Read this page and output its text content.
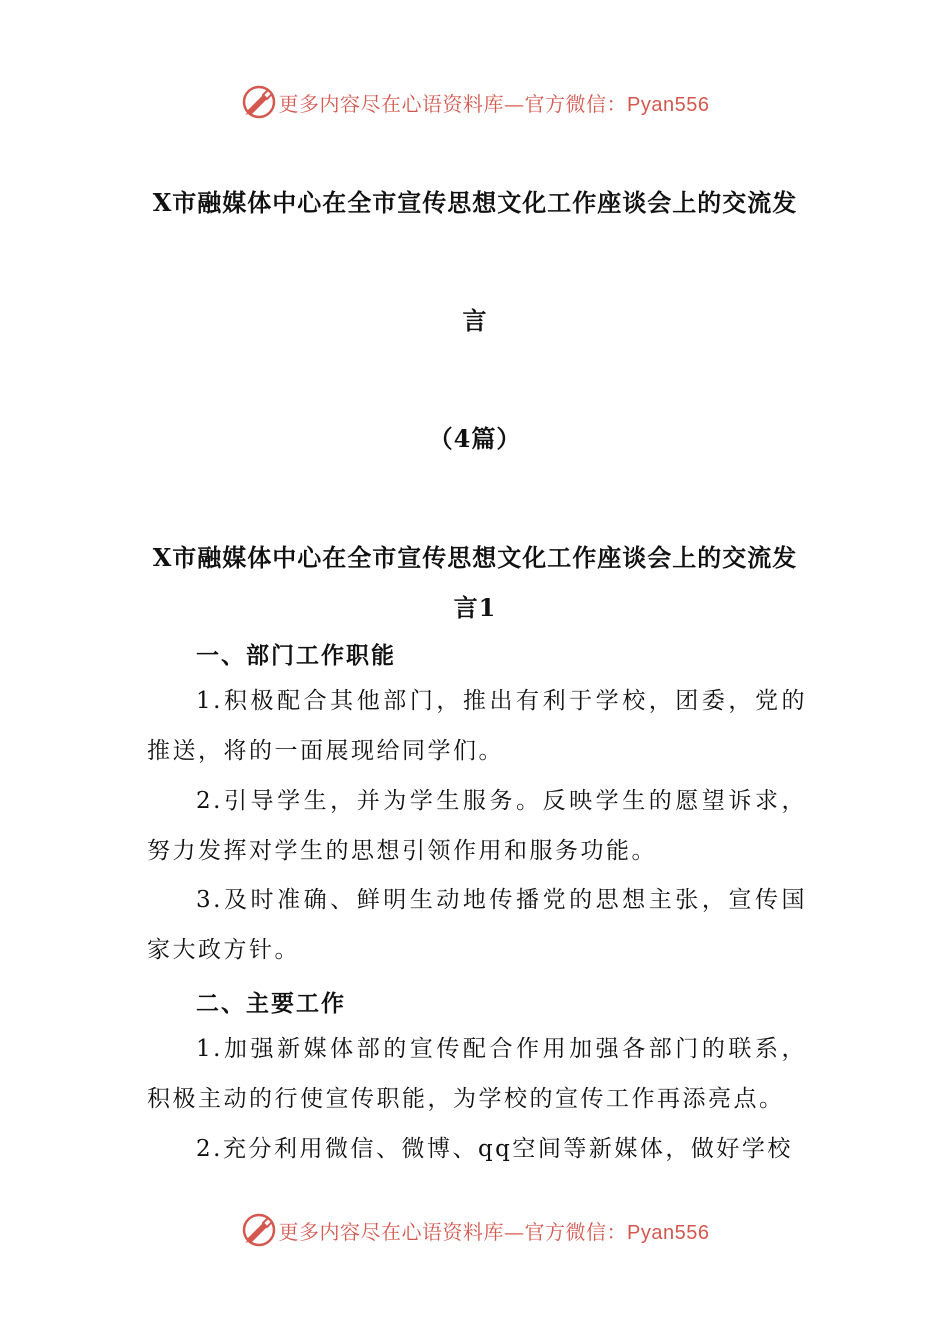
更多内容尽在心语资料库—官方微信：Pyan556
X市融媒体中心在全市宣传思想文化工作座谈会上的交流发
言
（4篇）
X市融媒体中心在全市宣传思想文化工作座谈会上的交流发
言1
一、部门工作职能
1.积极配合其他部门，推出有利于学校，团委，党的推送，将的一面展现给同学们。
2.引导学生，并为学生服务。反映学生的愿望诉求，努力发挥对学生的思想引领作用和服务功能。
3.及时准确、鲜明生动地传播党的思想主张，宣传国家大政方针。
二、主要工作
1.加强新媒体部的宣传配合作用加强各部门的联系，积极主动的行使宣传职能，为学校的宣传工作再添亮点。
2.充分利用微信、微博、qq空间等新媒体，做好学校
更多内容尽在心语资料库—官方微信：Pyan556
